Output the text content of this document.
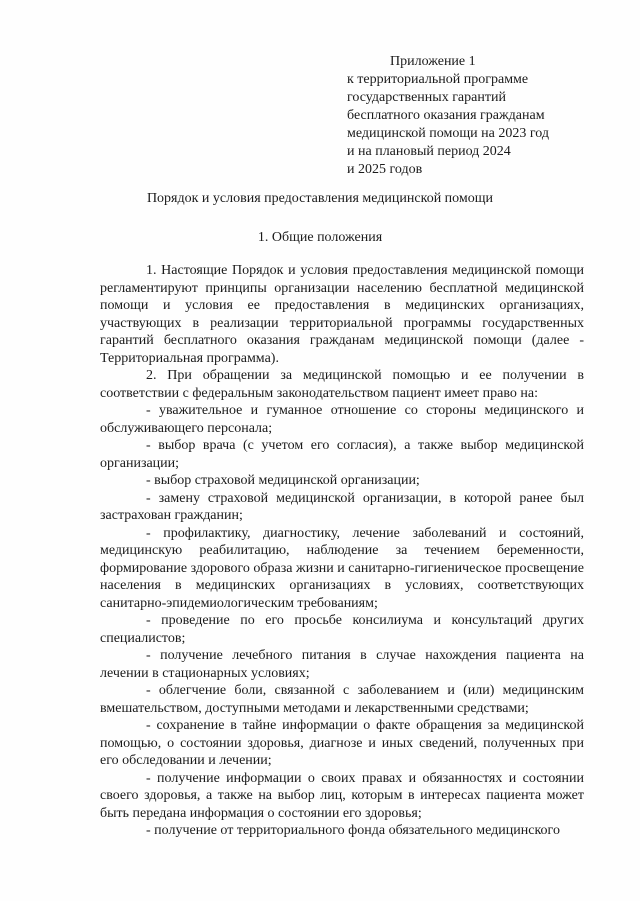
Приложение 1
к территориальной программе
государственных гарантий
бесплатного оказания гражданам
медицинской помощи на 2023 год
и на плановый период 2024
и 2025 годов
Порядок и условия предоставления медицинской помощи
1. Общие положения

1. Настоящие Порядок и условия предоставления медицинской помощи регламентируют принципы организации населению бесплатной медицинской помощи и условия ее предоставления в медицинских организациях, участвующих в реализации территориальной программы государственных гарантий бесплатного оказания гражданам медицинской помощи (далее - Территориальная программа).

2. При обращении за медицинской помощью и ее получении в соответствии с федеральным законодательством пациент имеет право на:

- уважительное и гуманное отношение со стороны медицинского и обслуживающего персонала;

- выбор врача (с учетом его согласия), а также выбор медицинской организации;

- выбор страховой медицинской организации;

- замену страховой медицинской организации, в которой ранее был застрахован гражданин;

- профилактику, диагностику, лечение заболеваний и состояний, медицинскую реабилитацию, наблюдение за течением беременности, формирование здорового образа жизни и санитарно-гигиеническое просвещение населения в медицинских организациях в условиях, соответствующих санитарно-эпидемиологическим требованиям;

- проведение по его просьбе консилиума и консультаций других специалистов;

- получение лечебного питания в случае нахождения пациента на лечении в стационарных условиях;

- облегчение боли, связанной с заболеванием и (или) медицинским вмешательством, доступными методами и лекарственными средствами;

- сохранение в тайне информации о факте обращения за медицинской помощью, о состоянии здоровья, диагнозе и иных сведений, полученных при его обследовании и лечении;

- получение информации о своих правах и обязанностях и состоянии своего здоровья, а также на выбор лиц, которым в интересах пациента может быть передана информация о состоянии его здоровья;

- получение от территориального фонда обязательного медицинского
